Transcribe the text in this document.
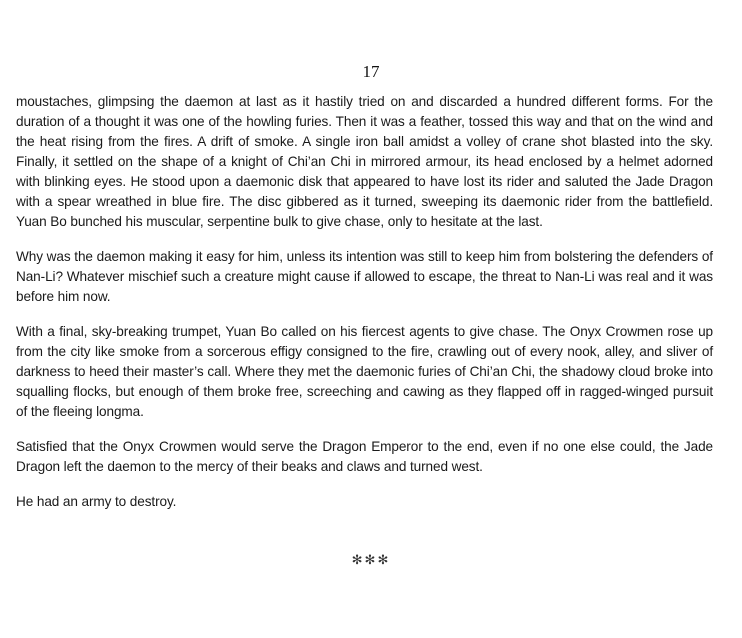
17

moustaches, glimpsing the daemon at last as it hastily tried on and discarded a hundred different forms. For the duration of a thought it was one of the howling furies. Then it was a feather, tossed this way and that on the wind and the heat rising from the fires. A drift of smoke. A single iron ball amidst a volley of crane shot blasted into the sky. Finally, it settled on the shape of a knight of Chi’an Chi in mirrored armour, its head enclosed by a helmet adorned with blinking eyes. He stood upon a daemonic disk that appeared to have lost its rider and saluted the Jade Dragon with a spear wreathed in blue fire. The disc gibbered as it turned, sweeping its daemonic rider from the battlefield. Yuan Bo bunched his muscular, serpentine bulk to give chase, only to hesitate at the last.

Why was the daemon making it easy for him, unless its intention was still to keep him from bolstering the defenders of Nan-Li? Whatever mischief such a creature might cause if allowed to escape, the threat to Nan-Li was real and it was before him now.

With a final, sky-breaking trumpet, Yuan Bo called on his fiercest agents to give chase. The Onyx Crowmen rose up from the city like smoke from a sorcerous effigy consigned to the fire, crawling out of every nook, alley, and sliver of darkness to heed their master’s call. Where they met the daemonic furies of Chi’an Chi, the shadowy cloud broke into squalling flocks, but enough of them broke free, screeching and cawing as they flapped off in ragged-winged pursuit of the fleeing longma.

Satisfied that the Onyx Crowmen would serve the Dragon Emperor to the end, even if no one else could, the Jade Dragon left the daemon to the mercy of their beaks and claws and turned west.

He had an army to destroy.

✻✻✻
